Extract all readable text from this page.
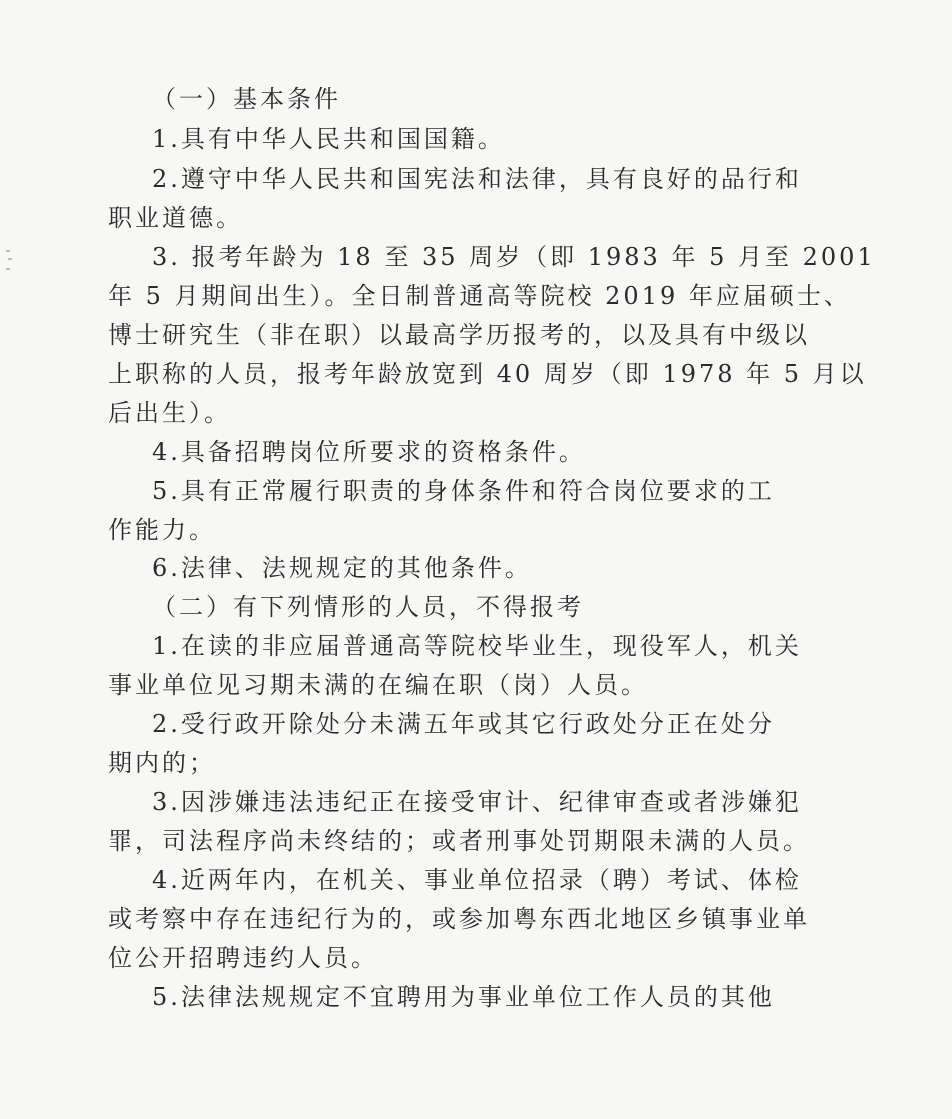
（一）基本条件
1.具有中华人民共和国国籍。
2.遵守中华人民共和国宪法和法律，具有良好的品行和
职业道德。
3. 报考年龄为 18 至 35 周岁（即 1983 年 5 月至 2001
年 5 月期间出生）。全日制普通高等院校 2019 年应届硕士、
博士研究生（非在职）以最高学历报考的，以及具有中级以
上职称的人员，报考年龄放宽到 40 周岁（即 1978 年 5 月以
后出生）。
4.具备招聘岗位所要求的资格条件。
5.具有正常履行职责的身体条件和符合岗位要求的工
作能力。
6.法律、法规规定的其他条件。
（二）有下列情形的人员，不得报考
1.在读的非应届普通高等院校毕业生，现役军人，机关
事业单位见习期未满的在编在职（岗）人员。
2.受行政开除处分未满五年或其它行政处分正在处分
期内的；
3.因涉嫌违法违纪正在接受审计、纪律审查或者涉嫌犯
罪，司法程序尚未终结的；或者刑事处罚期限未满的人员。
4.近两年内，在机关、事业单位招录（聘）考试、体检
或考察中存在违纪行为的，或参加粤东西北地区乡镇事业单
位公开招聘违约人员。
5.法律法规规定不宜聘用为事业单位工作人员的其他
